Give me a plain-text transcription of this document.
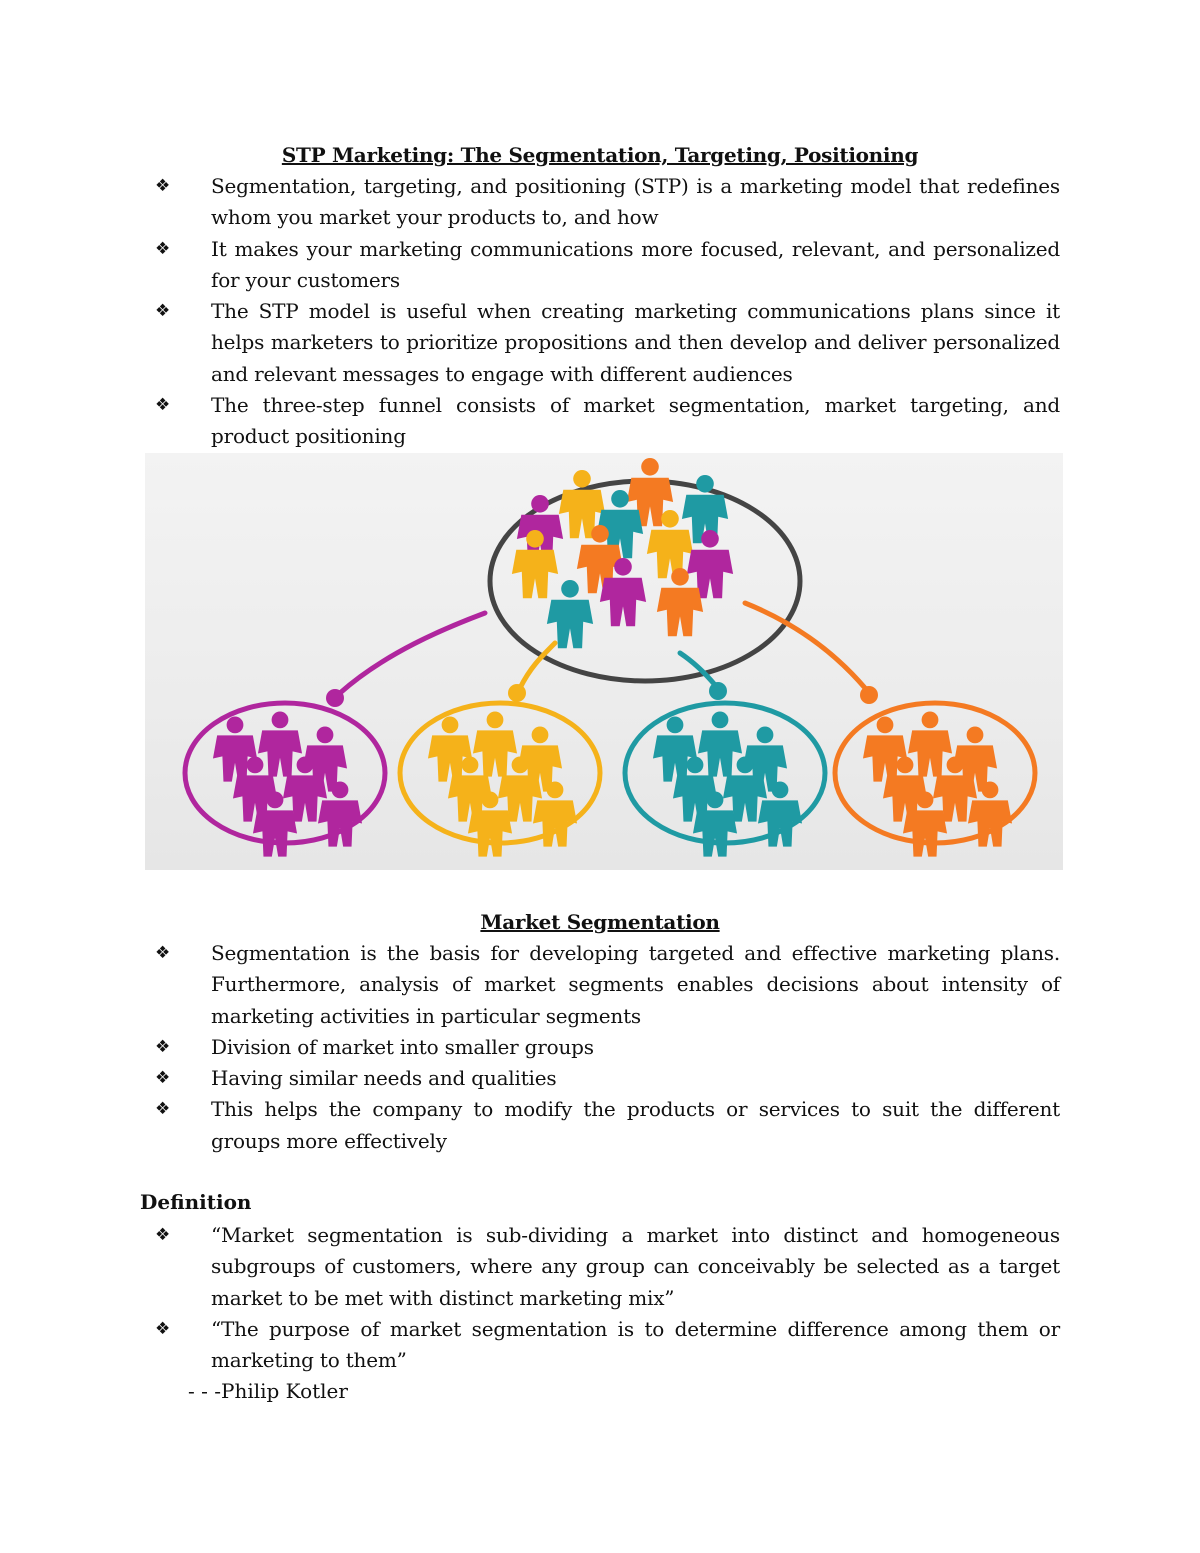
STP Marketing: The Segmentation, Targeting, Positioning
❖	Segmentation, targeting, and positioning (STP) is a marketing model that redefines whom you market your products to, and how
❖	It makes your marketing communications more focused, relevant, and personalized for your customers
❖	The STP model is useful when creating marketing communications plans since it helps marketers to prioritize propositions and then develop and deliver personalized and relevant messages to engage with different audiences
❖	The three-step funnel consists of market segmentation, market targeting, and product positioning
Market Segmentation
❖	Segmentation is the basis for developing targeted and effective marketing plans. Furthermore, analysis of market segments enables decisions about intensity of marketing activities in particular segments
❖	Division of market into smaller groups
❖	Having similar needs and qualities
❖	This helps the company to modify the products or services to suit the different groups more effectively
Definition
❖	“Market segmentation is sub-dividing a market into distinct and homogeneous subgroups of customers, where any group can conceivably be selected as a target market to be met with distinct marketing mix”
❖	“The purpose of market segmentation is to determine difference among them or marketing to them”
- - -Philip Kotler
